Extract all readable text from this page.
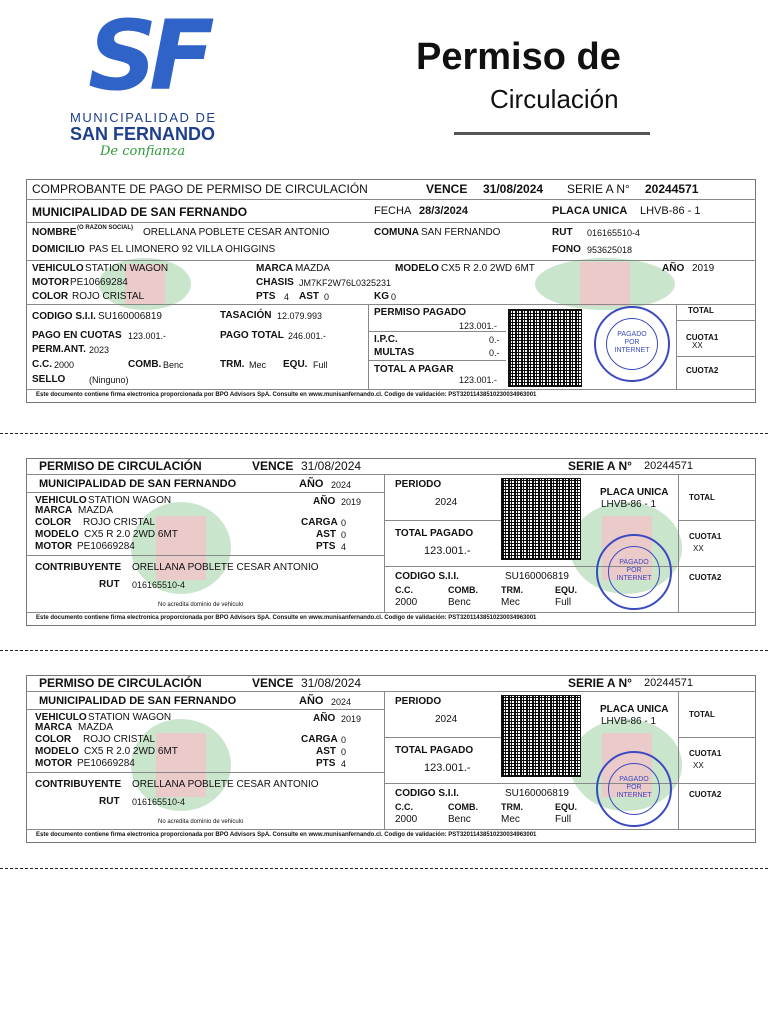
SF
MUNICIPALIDAD DE
SAN FERNANDO
De confianza
Permiso de
Circulación
COMPROBANTE DE PAGO DE PERMISO DE CIRCULACIÓN	VENCE 31/08/2024 SERIE A N° 20244571
MUNICIPALIDAD DE SAN FERNANDO	FECHA 28/3/2024	PLACA UNICA LHVB-86 - 1
NOMBRE (O RAZON SOCIAL) ORELLANA POBLETE CESAR ANTONIO	COMUNA SAN FERNANDO	RUT 016165510-4
DOMICILIO PAS EL LIMONERO 92 VILLA OHIGGINS	FONO 953625018
VEHICULO STATION WAGON	MARCA MAZDA	MODELO CX5 R 2.0 2WD 6MT	AÑO 2019
MOTOR PE10669284	CHASIS JM7KF2W76L0325231
COLOR ROJO CRISTAL	PTS 4 AST 0	KG 0
CODIGO S.I.I. SU160006819	TASACIÓN 12.079.993
PAGO EN CUOTAS 123.001.-	PAGO TOTAL 246.001.-
PERM.ANT. 2023
C.C. 2000	COMB. Benc	TRM. Mec EQU. Full
SELLO	(Ninguno)
PERMISO PAGADO
123.001.-
I.P.C.	0.-
MULTAS	0.-
TOTAL A PAGAR
123.001.-
PAGADO
POR
INTERNET
TOTAL
CUOTA1
XX
CUOTA2
Este documento contiene firma electronica proporcionada por BPO Advisors SpA. Consulte en www.munisanfernando.cl. Codigo de validación: PST32011438510230034963001
PERMISO DE CIRCULACIÓN	VENCE 31/08/2024	SERIE A N° 20244571
MUNICIPALIDAD DE SAN FERNANDO	AÑO 2024
VEHICULO STATION WAGON	AÑO 2019
MARCA MAZDA
COLOR ROJO CRISTAL	CARGA 0
MODELO CX5 R 2.0 2WD 6MT	AST 0
MOTOR PE10669284	PTS 4
CONTRIBUYENTE ORELLANA POBLETE CESAR ANTONIO
RUT 016165510-4
No acredita dominio de vehiculo
PERIODO
2024
TOTAL PAGADO
123.001.-
CODIGO S.I.I.	SU160006819
C.C.	COMB.	TRM.	EQU.
2000	Benc	Mec	Full
PLACA UNICA
LHVB-86 - 1
PAGADO
POR
INTERNET
TOTAL
CUOTA1
XX
CUOTA2
Este documento contiene firma electronica proporcionada por BPO Advisors SpA. Consulte en www.munisanfernando.cl. Codigo de validación: PST32011438510230034963001
PERMISO DE CIRCULACIÓN	VENCE 31/08/2024	SERIE A N° 20244571
MUNICIPALIDAD DE SAN FERNANDO	AÑO 2024
VEHICULO STATION WAGON	AÑO 2019
MARCA MAZDA
COLOR ROJO CRISTAL	CARGA 0
MODELO CX5 R 2.0 2WD 6MT	AST 0
MOTOR PE10669284	PTS 4
CONTRIBUYENTE ORELLANA POBLETE CESAR ANTONIO
RUT 016165510-4
No acredita dominio de vehiculo
PERIODO
2024
TOTAL PAGADO
123.001.-
CODIGO S.I.I.	SU160006819
C.C.	COMB.	TRM.	EQU.
2000	Benc	Mec	Full
PLACA UNICA
LHVB-86 - 1
PAGADO
POR
INTERNET
TOTAL
CUOTA1
XX
CUOTA2
Este documento contiene firma electronica proporcionada por BPO Advisors SpA. Consulte en www.munisanfernando.cl. Codigo de validación: PST32011438510230034963001
